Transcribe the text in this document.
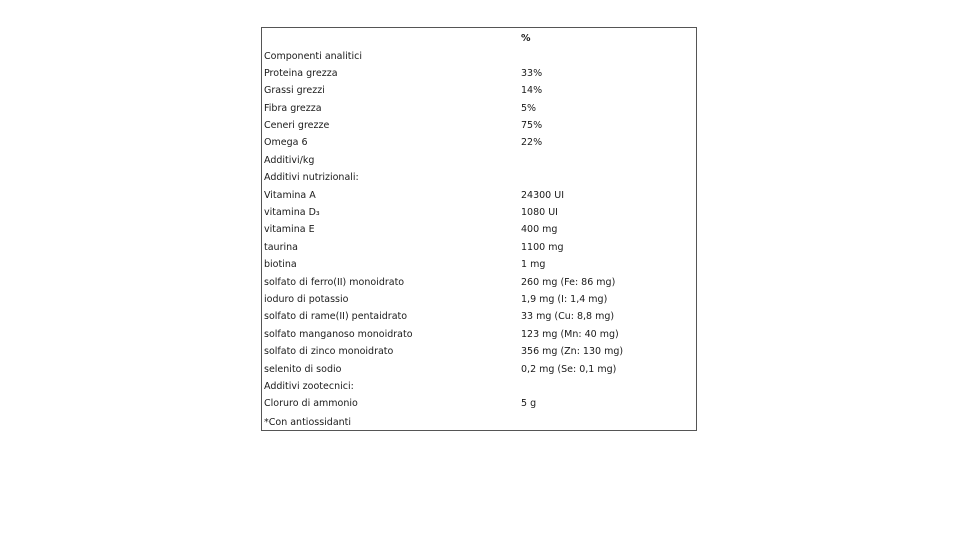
%
Componenti analitici
Proteina grezza	33%
Grassi grezzi	14%
Fibra grezza	5%
Ceneri grezze	75%
Omega 6	22%
Additivi/kg
Additivi nutrizionali:
Vitamina A	24300 UI
vitamina D₃	1080 UI
vitamina E	400 mg
taurina	1100 mg
biotina	1 mg
solfato di ferro(II) monoidrato	260 mg (Fe: 86 mg)
ioduro di potassio	1,9 mg (I: 1,4 mg)
solfato di rame(II) pentaidrato	33 mg (Cu: 8,8 mg)
solfato manganoso monoidrato	123 mg (Mn: 40 mg)
solfato di zinco monoidrato	356 mg (Zn: 130 mg)
selenito di sodio	0,2 mg (Se: 0,1 mg)
Additivi zootecnici:
Cloruro di ammonio	5 g
*Con antiossidanti
